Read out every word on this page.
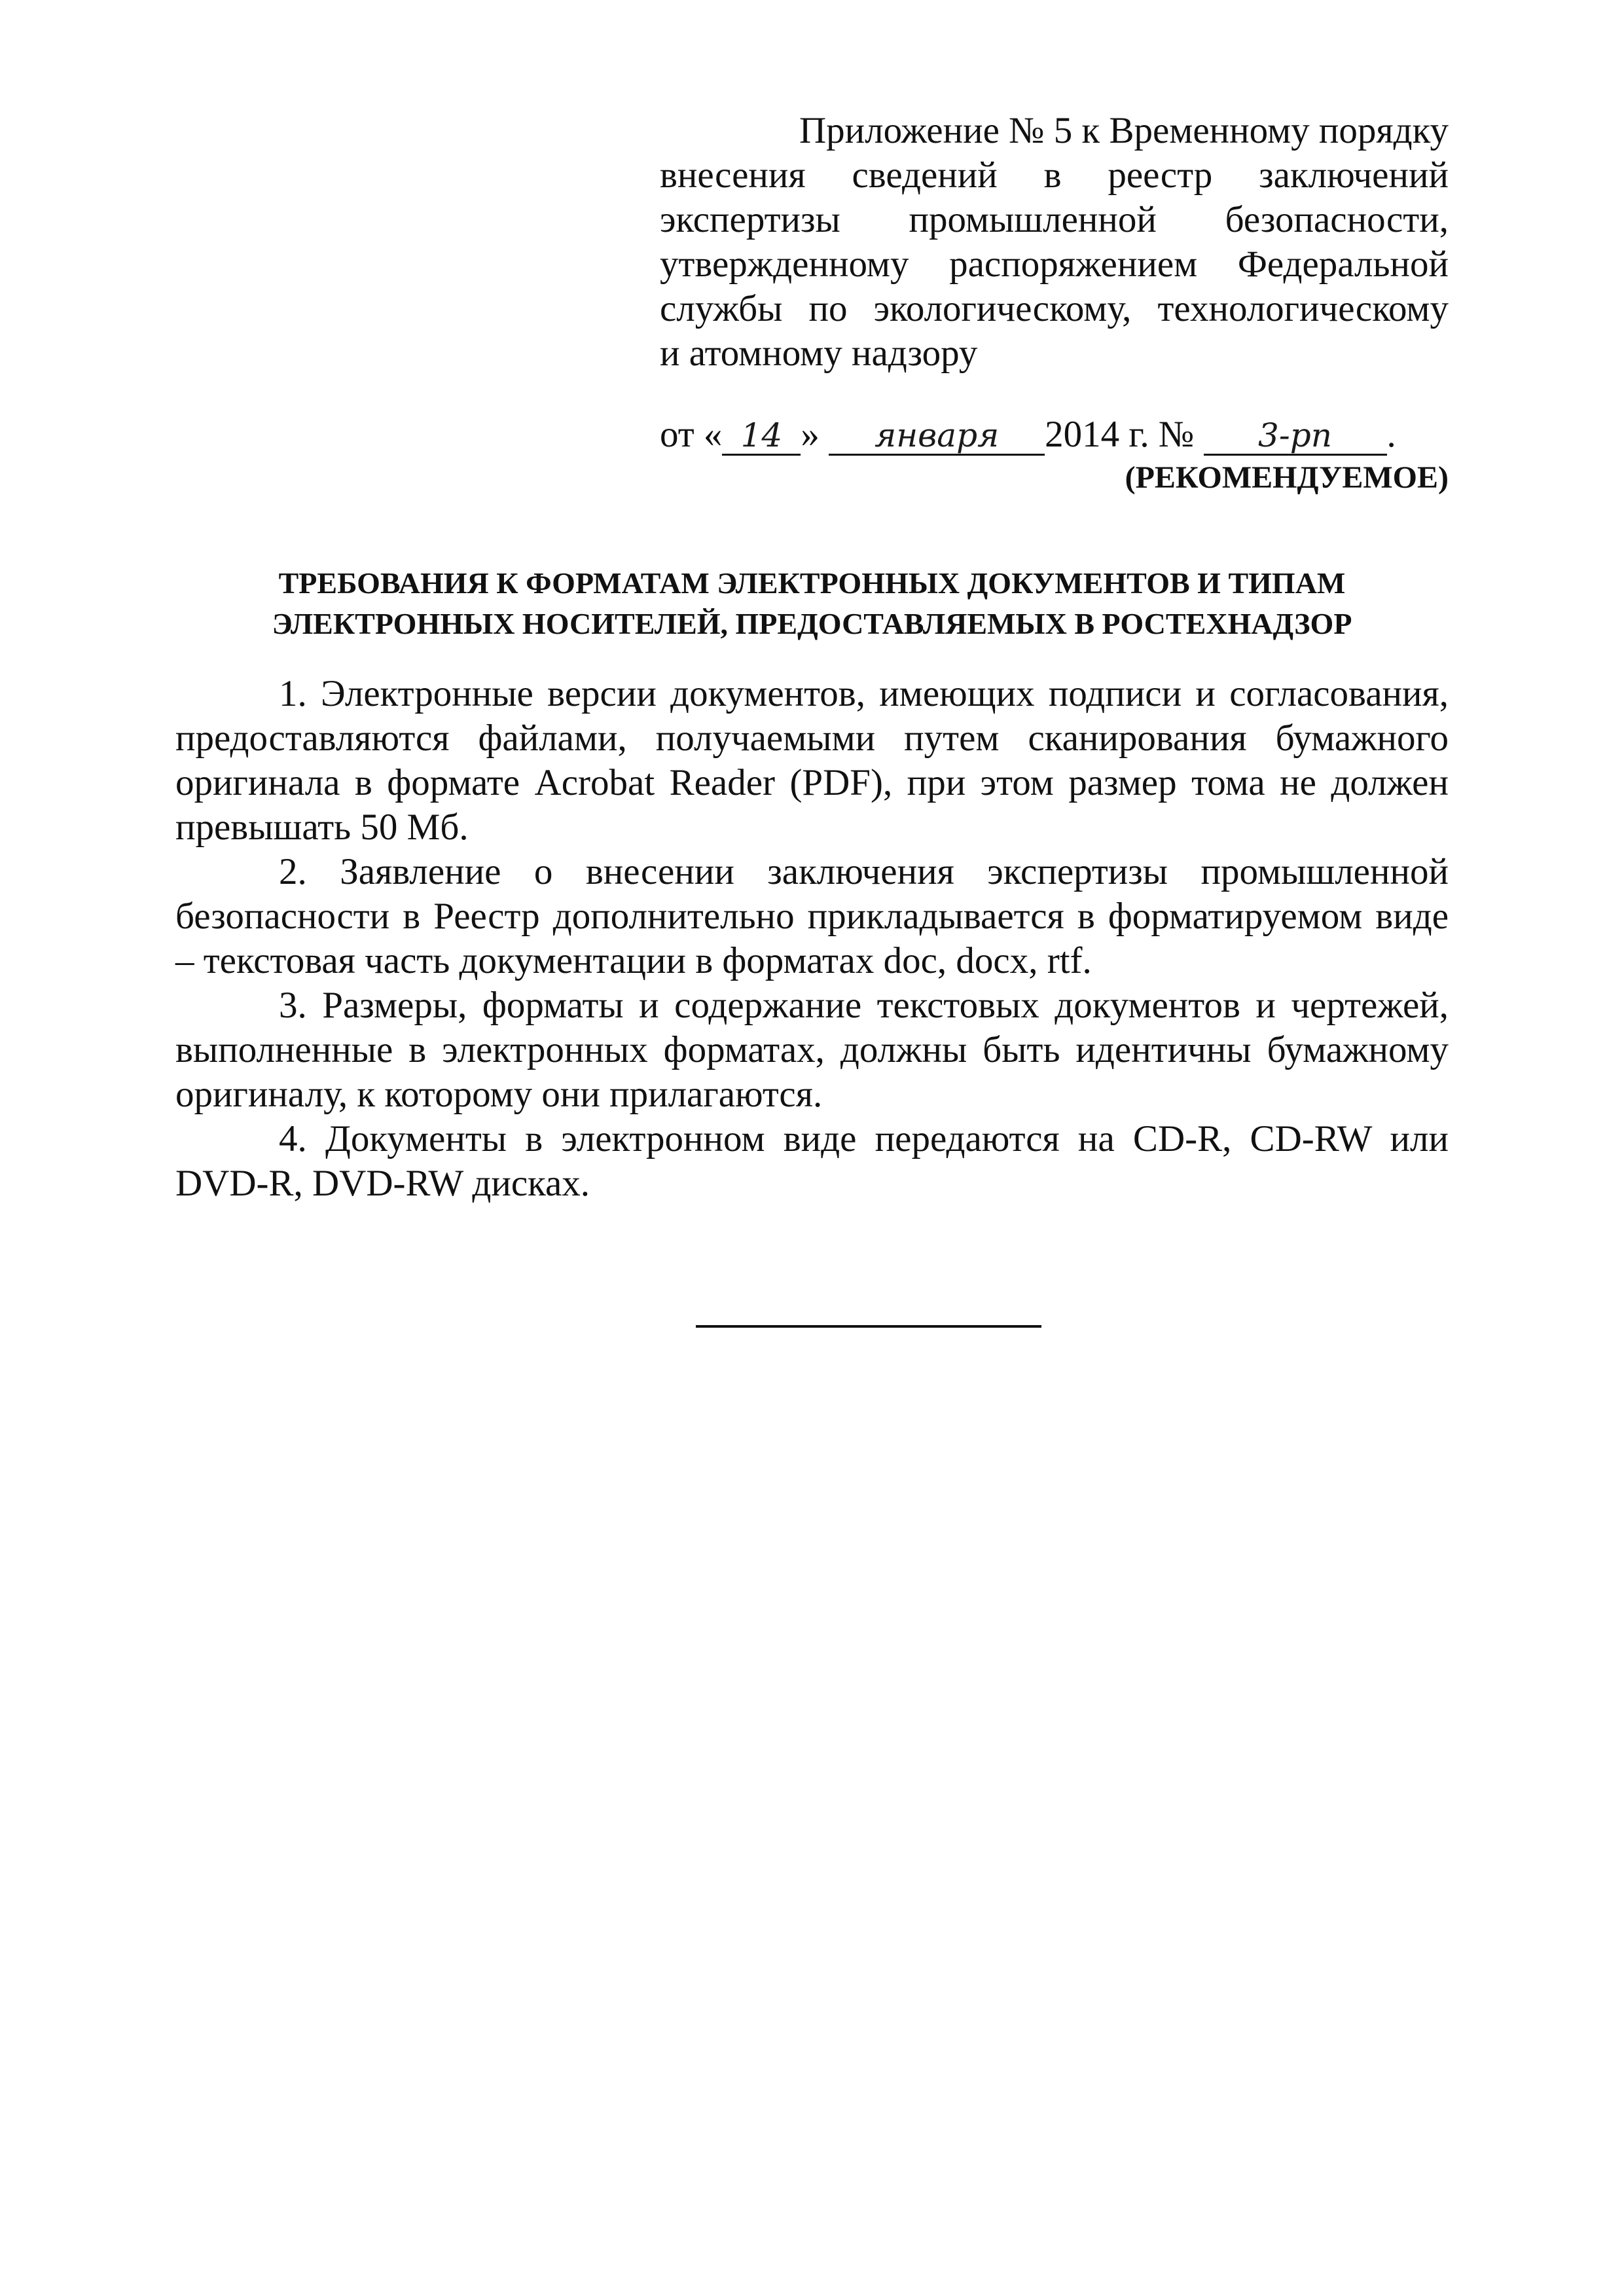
Приложение № 5 к Временному порядку
внесения сведений в реестр заключений
экспертизы промышленной безопасности,
утвержденному распоряжением Федеральной
службы по экологическому, технологическому
и атомному надзору
от « 14 » января 2014 г. № 3-рп .
(РЕКОМЕНДУЕМОЕ)
ТРЕБОВАНИЯ К ФОРМАТАМ ЭЛЕКТРОННЫХ ДОКУМЕНТОВ И ТИПАМ
ЭЛЕКТРОННЫХ НОСИТЕЛЕЙ, ПРЕДОСТАВЛЯЕМЫХ В РОСТЕХНАДЗОР

1. Электронные версии документов, имеющих подписи и согласования, предоставляются файлами, получаемыми путем сканирования бумажного оригинала в формате Acrobat Reader (PDF), при этом размер тома не должен превышать 50 Мб.

2. Заявление о внесении заключения экспертизы промышленной безопасности в Реестр дополнительно прикладывается в форматируемом виде – текстовая часть документации в форматах doc, docx, rtf.

3. Размеры, форматы и содержание текстовых документов и чертежей, выполненные в электронных форматах, должны быть идентичны бумажному оригиналу, к которому они прилагаются.

4. Документы в электронном виде передаются на CD-R, CD-RW или DVD-R, DVD-RW дисках.
